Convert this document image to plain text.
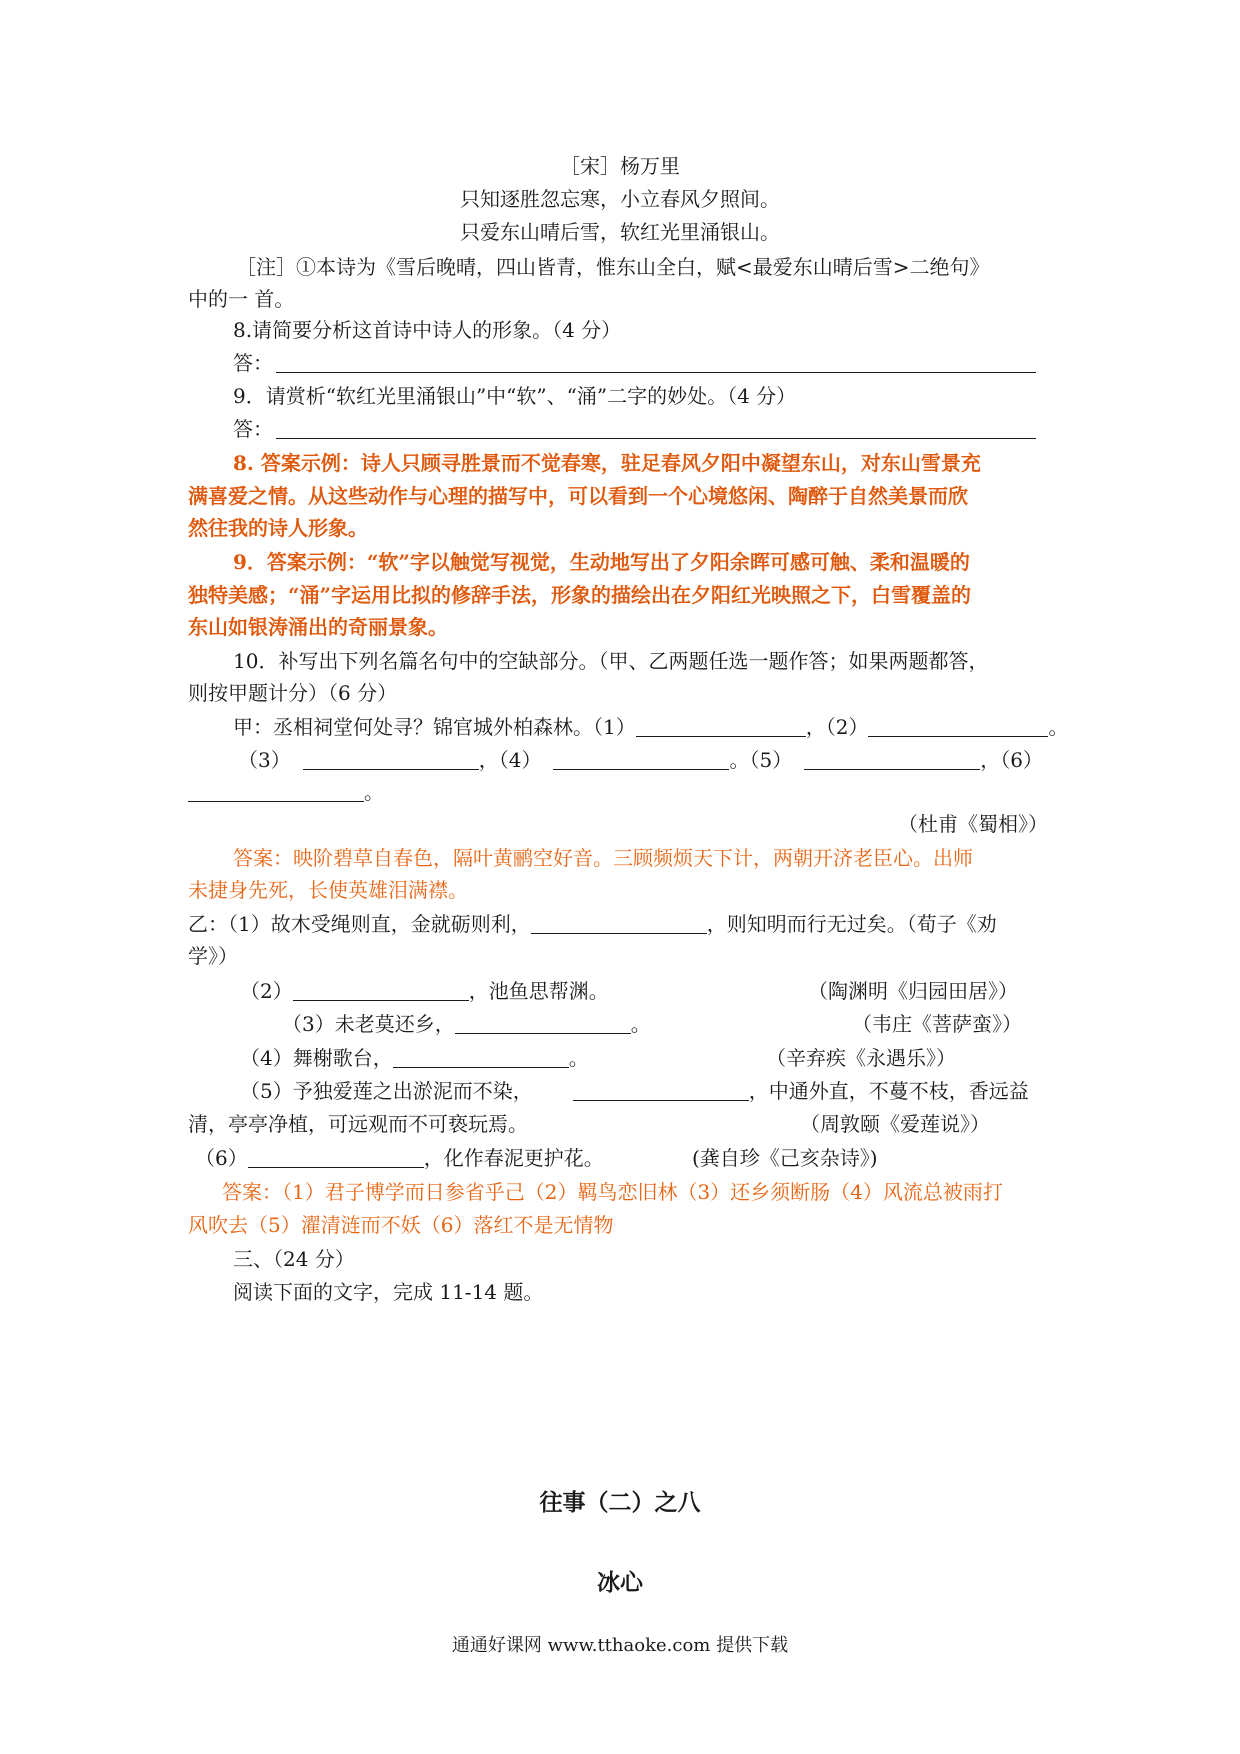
［宋］杨万里
只知逐胜忽忘寒，小立春风夕照间。
只爱东山晴后雪，软红光里涌银山。
［注］①本诗为《雪后晚晴，四山皆青，惟东山全白，赋<最爱东山晴后雪>二绝句》
中的一 首。
8.请简要分析这首诗中诗人的形象。（4 分）
答：
9．请赏析“软红光里涌银山”中“软”、“涌”二字的妙处。（4 分）
答：
8. 答案示例：诗人只顾寻胜景而不觉春寒，驻足春风夕阳中凝望东山，对东山雪景充
满喜爱之情。从这些动作与心理的描写中，可以看到一个心境悠闲、陶醉于自然美景而欣
然往我的诗人形象。
9．答案示例：“软”字以触觉写视觉，生动地写出了夕阳余晖可感可触、柔和温暖的
独特美感；“涌”字运用比拟的修辞手法，形象的描绘出在夕阳红光映照之下，白雪覆盖的
东山如银涛涌出的奇丽景象。
10．补写出下列名篇名句中的空缺部分。（甲、乙两题任选一题作答；如果两题都答，
则按甲题计分）（6 分）
甲：丞相祠堂何处寻？锦官城外柏森林。（1）	，（2）	。
（3）	，（4）	。（5）	，（6）
。
（杜甫《蜀相》）
答案：映阶碧草自春色，隔叶黄鹂空好音。三顾频烦天下计，两朝开济老臣心。出师
未捷身先死，长使英雄泪满襟。
乙：（1）故木受绳则直，金就砺则利，	，则知明而行无过矣。（荀子《劝
学》）
（2）	，池鱼思帮渊。	（陶渊明《归园田居》）
（3）未老莫还乡，	。	（韦庄《菩萨蛮》）
（4）舞榭歌台，	。	（辛弃疾《永遇乐》）
（5）予独爱莲之出淤泥而不染，	，中通外直，不蔓不枝，香远益
清，亭亭净植，可远观而不可亵玩焉。	（周敦颐《爱莲说》）
（6）	，化作春泥更护花。	(龚自珍《己亥杂诗》)
答案：（1）君子博学而日参省乎己（2）羁鸟恋旧林（3）还乡须断肠（4）风流总被雨打
风吹去（5）濯清涟而不妖（6）落红不是无情物
三、（24 分）
阅读下面的文字，完成 11-14 题。
往事（二）之八
冰心
通通好课网 www.tthaoke.com 提供下载
